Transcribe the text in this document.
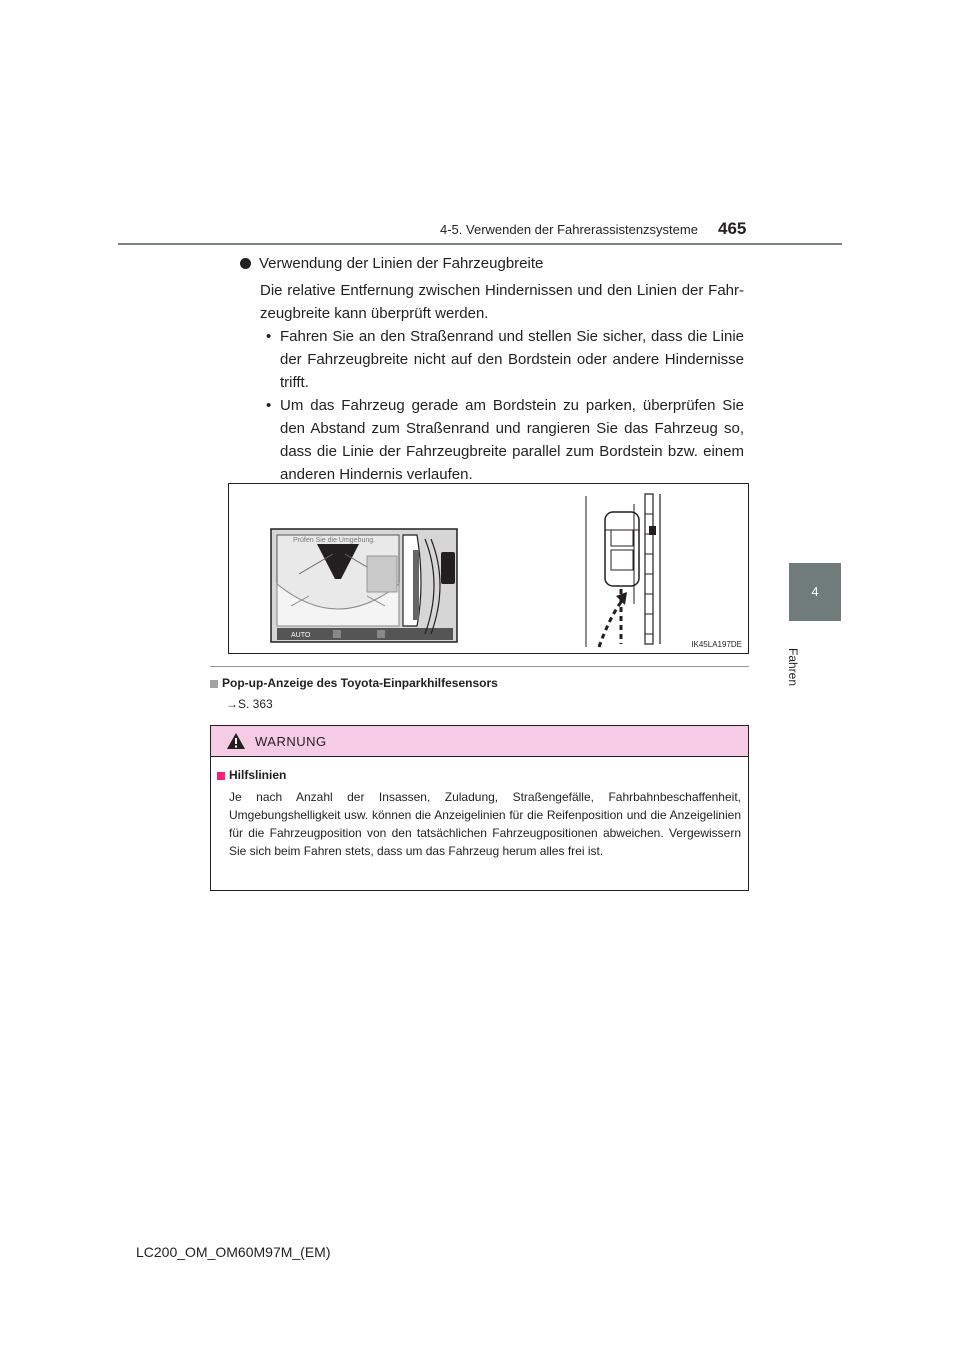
4-5. Verwenden der Fahrerassistenzsysteme 465
4
Fahren
Verwendung der Linien der Fahrzeugbreite
Die relative Entfernung zwischen Hindernissen und den Linien der Fahr-zeugbreite kann überprüft werden.
• Fahren Sie an den Straßenrand und stellen Sie sicher, dass die Linie der Fahrzeugbreite nicht auf den Bordstein oder andere Hindernisse trifft.
• Um das Fahrzeug gerade am Bordstein zu parken, überprüfen Sie den Abstand zum Straßenrand und rangieren Sie das Fahrzeug so, dass die Linie der Fahrzeugbreite parallel zum Bordstein bzw. einem anderen Hindernis verlaufen.
Prüfen Sie die Umgebung.
AUTO
IK45LA197DE
Pop-up-Anzeige des Toyota-Einparkhilfesensors
→S. 363
WARNUNG
Hilfslinien
Je nach Anzahl der Insassen, Zuladung, Straßengefälle, Fahrbahnbeschaffenheit, Umgebungshelligkeit usw. können die Anzeigelinien für die Reifenposition und die Anzeigelinien für die Fahrzeugposition von den tatsächlichen Fahrzeugpositionen abweichen. Vergewissern Sie sich beim Fahren stets, dass um das Fahrzeug herum alles frei ist.
LC200_OM_OM60M97M_(EM)
